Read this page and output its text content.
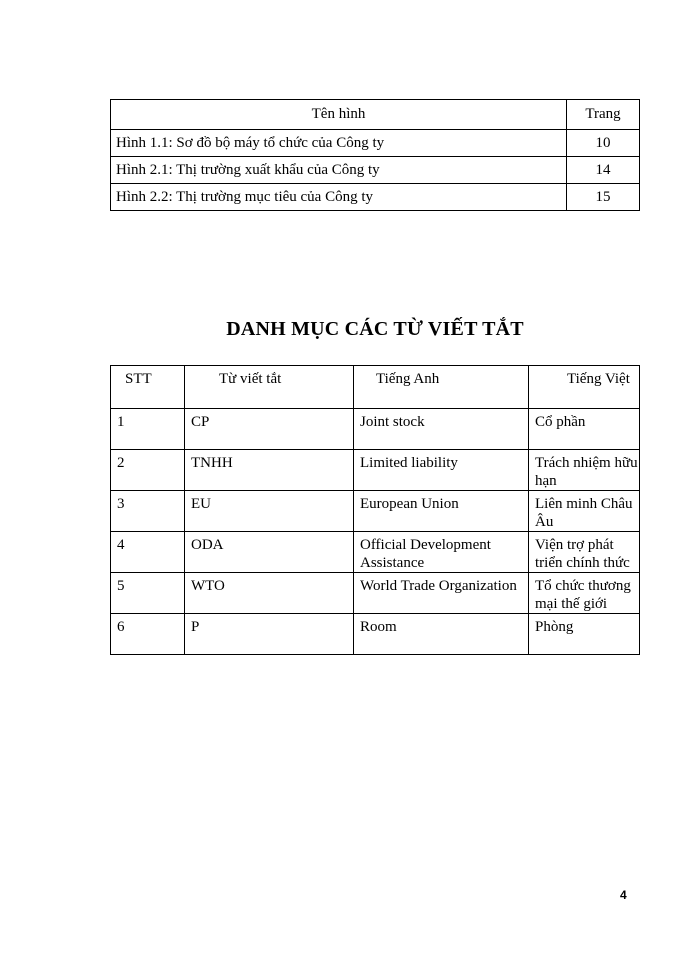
Tên hình	Trang
Hình 1.1: Sơ đồ bộ máy tổ chức của Công ty	10
Hình 2.1: Thị trường xuất khẩu của Công ty	14
Hình 2.2: Thị trường mục tiêu của Công ty	15
DANH MỤC CÁC TỪ VIẾT TẮT
STT	Từ viết tắt	Tiếng Anh	Tiếng Việt
1	CP	Joint stock	Cổ phần
2	TNHH	Limited liability	Trách nhiệm hữu hạn
3	EU	European Union	Liên minh Châu Âu
4	ODA	Official Development Assistance	Viện trợ phát triển chính thức
5	WTO	World Trade Organization	Tổ chức thương mại thế giới
6	P	Room	Phòng
4
